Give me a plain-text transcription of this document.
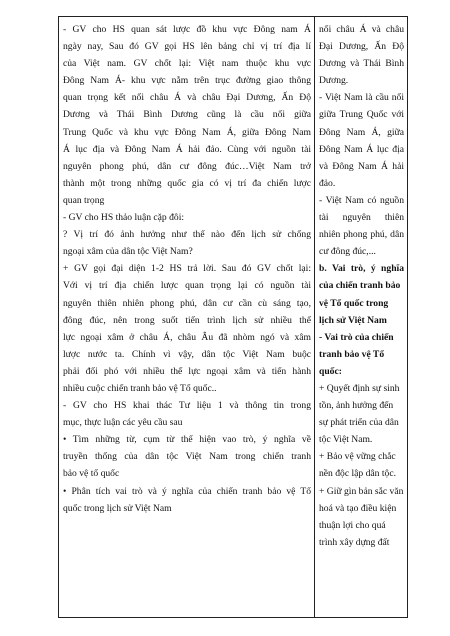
- GV cho HS quan sát lược đồ khu vực Đông nam Á
ngày nay, Sau đó GV gọi HS lên bảng chỉ vị trí địa lí
của Việt nam. GV chốt lại: Việt nam thuộc khu vực
Đông Nam Á- khu vực nằm trên trục đường giao thông
quan trọng kết nối châu Á và châu Đại Dương, Ấn Độ
Dương và Thái Bình Dương cũng là cầu nối giữa
Trung Quốc và khu vực Đông Nam Á, giữa Đông Nam
Á lục địa và Đông Nam Á hải đảo. Cùng với nguồn tài
nguyên phong phú, dân cư đông đúc…Việt Nam trở
thành một trong những quốc gia có vị trí đa chiến lược
quan trọng
- GV cho HS thảo luận cặp đôi:
? Vị trí đó ảnh hưởng như thế nào đến lịch sử chống
ngoại xâm của dân tộc Việt Nam?
+ GV gọi đại diện 1-2 HS trả lời. Sau đó GV chốt lại:
Với vị trí địa chiến lược quan trọng lại có nguồn tài
nguyên thiên nhiên phong phú, dân cư cần cù sáng tạo,
đông đúc, nên trong suốt tiến trình lịch sử nhiều thế
lực ngoại xâm ở châu Á, châu Âu đã nhòm ngó và xâm
lược nước ta. Chính vì vậy, dân tộc Việt Nam buộc
phải đối phó với nhiều thế lực ngoại xâm và tiến hành
nhiều cuộc chiến tranh bảo vệ Tổ quốc..
- GV cho HS khai thác Tư liệu 1 và thông tin trong
mục, thực luận các yêu cầu sau
• Tìm những từ, cụm từ thể hiện vao trò, ý nghĩa về
truyền thống của dân tộc Việt Nam trong chiến tranh
bảo vệ tổ quốc
• Phân tích vai trò và ý nghĩa của chiến tranh bảo vệ Tổ
quốc trong lịch sử Việt Nam
nối châu Á và châu
Đại Dương, Ấn Độ
Dương và Thái Bình
Dương.
- Việt Nam là cầu nối
giữa Trung Quốc với
Đông Nam Á, giữa
Đông Nam Á lục địa
và Đông Nam Á hải
đảo.
- Việt Nam có nguồn
tài nguyên thiên
nhiên phong phú, dân
cư đông đúc,...
b. Vai trò, ý nghĩa
của chiến tranh bảo
vệ Tổ quốc trong
lịch sử Việt Nam
- Vai trò của chiến
tranh bảo vệ Tổ
quốc:
+ Quyết định sự sinh
tồn, ảnh hưởng đến
sự phát triển của dân
tộc Việt Nam.
+ Bảo vệ vững chắc
nền độc lập dân tộc.
+ Giữ gìn bản sắc văn
hoá và tạo điều kiện
thuận lợi cho quá
trình xây dựng đất
